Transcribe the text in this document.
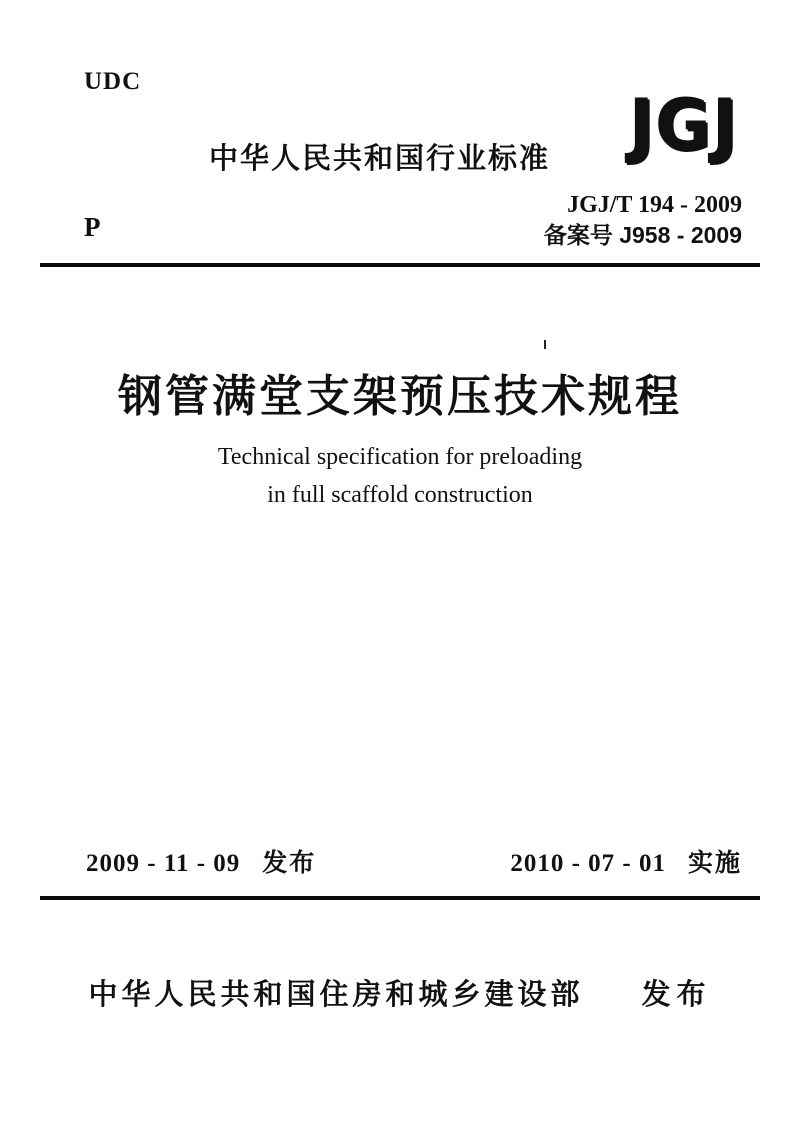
UDC
中华人民共和国行业标准 JGJ
JGJ/T 194 - 2009
备案号 J958 - 2009
P
钢管满堂支架预压技术规程
Technical specification for preloading
in full scaffold construction
2009 - 11 - 09 发布	2010 - 07 - 01 实施
中华人民共和国住房和城乡建设部 发布
